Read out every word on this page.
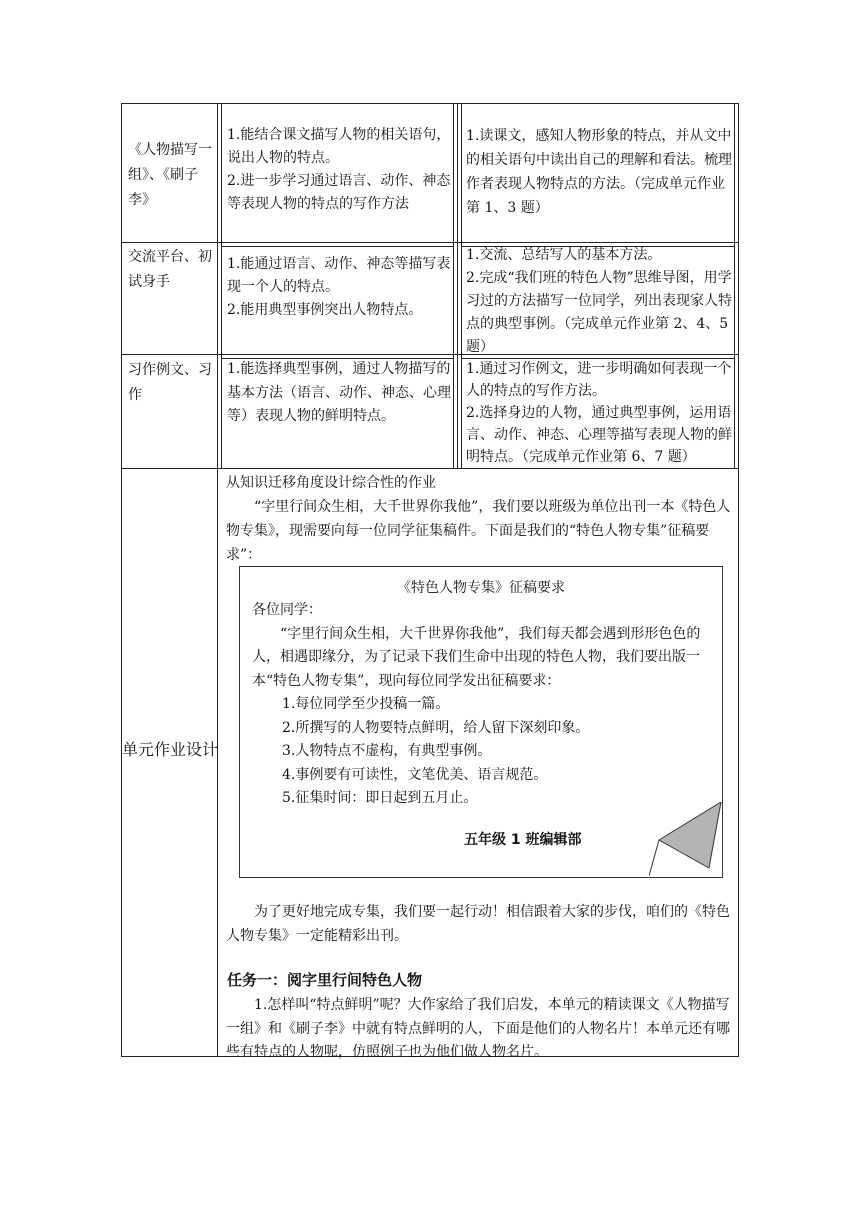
《人物描写一组》、《刷子李》

1.能结合课文描写人物的相关语句，说出人物的特点。

2.进一步学习通过语言、动作、神态等表现人物的特点的写作方法

1.读课文，感知人物形象的特点，并从文中的相关语句中读出自己的理解和看法。梳理作者表现人物特点的方法。（完成单元作业第 1、3 题）

交流平台、初试身手

1.能通过语言、动作、神态等描写表现一个人的特点。

2.能用典型事例突出人物特点。

1.交流、总结写人的基本方法。

2.完成“我们班的特色人物”思维导图，用学习过的方法描写一位同学，列出表现家人特点的典型事例。（完成单元作业第 2、4、5 题）

习作例文、习作

1.能选择典型事例，通过人物描写的基本方法（语言、动作、神态、心理等）表现人物的鲜明特点。

1.通过习作例文，进一步明确如何表现一个人的特点的写作方法。

2.选择身边的人物，通过典型事例，运用语言、动作、神态、心理等描写表现人物的鲜明特点。（完成单元作业第 6、7 题）

单元作业设计

从知识迁移角度设计综合性的作业

“字里行间众生相，大千世界你我他”，我们要以班级为单位出刊一本《特色人物专集》，现需要向每一位同学征集稿件。下面是我们的“特色人物专集”征稿要求”：

《特色人物专集》征稿要求

各位同学：

“字里行间众生相，大千世界你我他”，我们每天都会遇到形形色色的人，相遇即缘分，为了记录下我们生命中出现的特色人物，我们要出版一本“特色人物专集”，现向每位同学发出征稿要求：

1.每位同学至少投稿一篇。

2.所撰写的人物要特点鲜明，给人留下深刻印象。

3.人物特点不虚构，有典型事例。

4.事例要有可读性，文笔优美、语言规范。

5.征集时间：即日起到五月止。

五年级 1 班编辑部

为了更好地完成专集，我们要一起行动！相信跟着大家的步伐，咱们的《特色人物专集》一定能精彩出刊。

任务一：阅字里行间特色人物

1.怎样叫“特点鲜明”呢？大作家给了我们启发，本单元的精读课文《人物描写一组》和《刷子李》中就有特点鲜明的人，下面是他们的人物名片！本单元还有哪些有特点的人物呢，仿照例子也为他们做人物名片。
